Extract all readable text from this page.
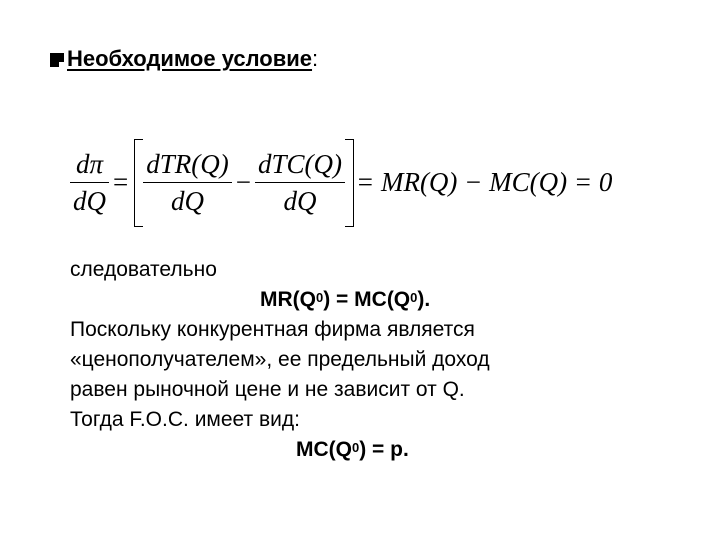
Необходимое условие :
$\frac{d\pi}{dQ} = \frac{\text{dTR(Q)}}{dQ} - \frac{\text{dTC(Q)}}{dQ} = MR(Q) - MC(Q) = 0$
следовательно
$MR(Q^0) = MC(Q^0)$.
Поскольку конкурентная фирма является
«ценополучателем», ее предельный доход
равен рыночной цене и не зависит от Q.
Тогда F.O.C. имеет вид:
$MC(Q^0) = p$.
